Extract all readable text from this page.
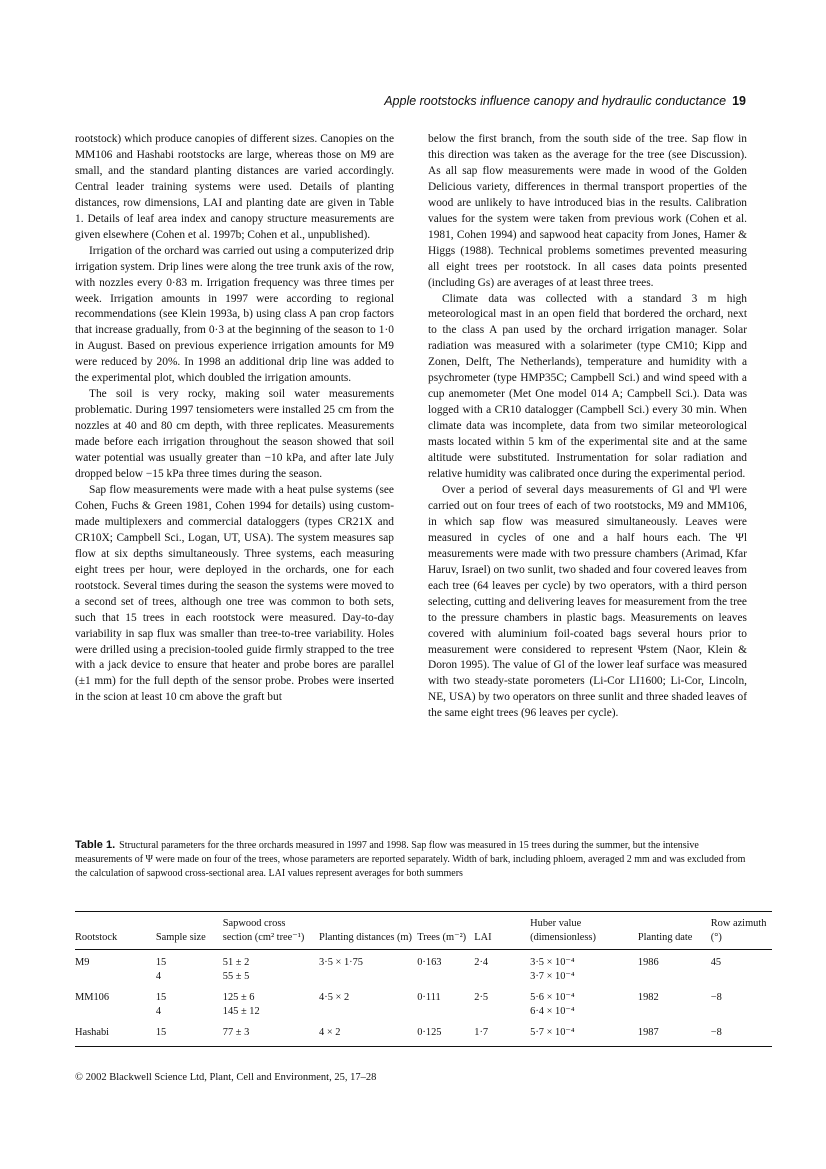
Apple rootstocks influence canopy and hydraulic conductance 19

rootstock) which produce canopies of different sizes. Canopies on the MM106 and Hashabi rootstocks are large, whereas those on M9 are small, and the standard planting distances are varied accordingly. Central leader training systems were used. Details of planting distances, row dimensions, LAI and planting date are given in Table 1. Details of leaf area index and canopy structure measurements are given elsewhere (Cohen et al. 1997b; Cohen et al., unpublished).

Irrigation of the orchard was carried out using a computerized drip irrigation system. Drip lines were along the tree trunk axis of the row, with nozzles every 0·83 m. Irrigation frequency was three times per week. Irrigation amounts in 1997 were according to regional recommendations (see Klein 1993a, b) using class A pan crop factors that increase gradually, from 0·3 at the beginning of the season to 1·0 in August. Based on previous experience irrigation amounts for M9 were reduced by 20%. In 1998 an additional drip line was added to the experimental plot, which doubled the irrigation amounts.

The soil is very rocky, making soil water measurements problematic. During 1997 tensiometers were installed 25 cm from the nozzles at 40 and 80 cm depth, with three replicates. Measurements made before each irrigation throughout the season showed that soil water potential was usually greater than −10 kPa, and after late July dropped below −15 kPa three times during the season.

Sap flow measurements were made with a heat pulse systems (see Cohen, Fuchs & Green 1981, Cohen 1994 for details) using custom-made multiplexers and commercial dataloggers (types CR21X and CR10X; Campbell Sci., Logan, UT, USA). The system measures sap flow at six depths simultaneously. Three systems, each measuring eight trees per hour, were deployed in the orchards, one for each rootstock. Several times during the season the systems were moved to a second set of trees, although one tree was common to both sets, such that 15 trees in each rootstock were measured. Day-to-day variability in sap flux was smaller than tree-to-tree variability. Holes were drilled using a precision-tooled guide firmly strapped to the tree with a jack device to ensure that heater and probe bores are parallel (±1 mm) for the full depth of the sensor probe. Probes were inserted in the scion at least 10 cm above the graft but

below the first branch, from the south side of the tree. Sap flow in this direction was taken as the average for the tree (see Discussion). As all sap flow measurements were made in wood of the Golden Delicious variety, differences in thermal transport properties of the wood are unlikely to have introduced bias in the results. Calibration values for the system were taken from previous work (Cohen et al. 1981, Cohen 1994) and sapwood heat capacity from Jones, Hamer & Higgs (1988). Technical problems sometimes prevented measuring all eight trees per rootstock. In all cases data points presented (including Gs) are averages of at least three trees.

Climate data was collected with a standard 3 m high meteorological mast in an open field that bordered the orchard, next to the class A pan used by the orchard irrigation manager. Solar radiation was measured with a solarimeter (type CM10; Kipp and Zonen, Delft, The Netherlands), temperature and humidity with a psychrometer (type HMP35C; Campbell Sci.) and wind speed with a cup anemometer (Met One model 014 A; Campbell Sci.). Data was logged with a CR10 datalogger (Campbell Sci.) every 30 min. When climate data was incomplete, data from two similar meteorological masts located within 5 km of the experimental site and at the same altitude were substituted. Instrumentation for solar radiation and relative humidity was calibrated once during the experimental period.

Over a period of several days measurements of Gl and Ψl were carried out on four trees of each of two rootstocks, M9 and MM106, in which sap flow was measured simultaneously. Leaves were measured in cycles of one and a half hours each. The Ψl measurements were made with two pressure chambers (Arimad, Kfar Haruv, Israel) on two sunlit, two shaded and four covered leaves from each tree (64 leaves per cycle) by two operators, with a third person selecting, cutting and delivering leaves for measurement from the tree to the pressure chambers in plastic bags. Measurements on leaves covered with aluminium foil-coated bags several hours prior to measurement were considered to represent Ψstem (Naor, Klein & Doron 1995). The value of Gl of the lower leaf surface was measured with two steady-state porometers (Li-Cor LI1600; Li-Cor, Lincoln, NE, USA) by two operators on three sunlit and three shaded leaves of the same eight trees (96 leaves per cycle).

Table 1. Structural parameters for the three orchards measured in 1997 and 1998. Sap flow was measured in 15 trees during the summer, but the intensive measurements of Ψ were made on four of the trees, whose parameters are reported separately. Width of bark, including phloem, averaged 2 mm and was excluded from the calculation of sapwood cross-sectional area. LAI values represent averages for both summers
Rootstock	Sample size	Sapwood cross section (cm² tree⁻¹)	Planting distances (m)	Trees (m⁻²)	LAI	Huber value (dimensionless)	Planting date	Row azimuth (°)
M9	15	51 ± 2	3·5 × 1·75	0·163	2·4	3·5 × 10⁻⁴	1986	45
	4	55 ± 5				3·7 × 10⁻⁴		
MM106	15	125 ± 6	4·5 × 2	0·111	2·5	5·6 × 10⁻⁴	1982	−8
	4	145 ± 12				6·4 × 10⁻⁴		
Hashabi	15	77 ± 3	4 × 2	0·125	1·7	5·7 × 10⁻⁴	1987	−8
© 2002 Blackwell Science Ltd, Plant, Cell and Environment, 25, 17–28
